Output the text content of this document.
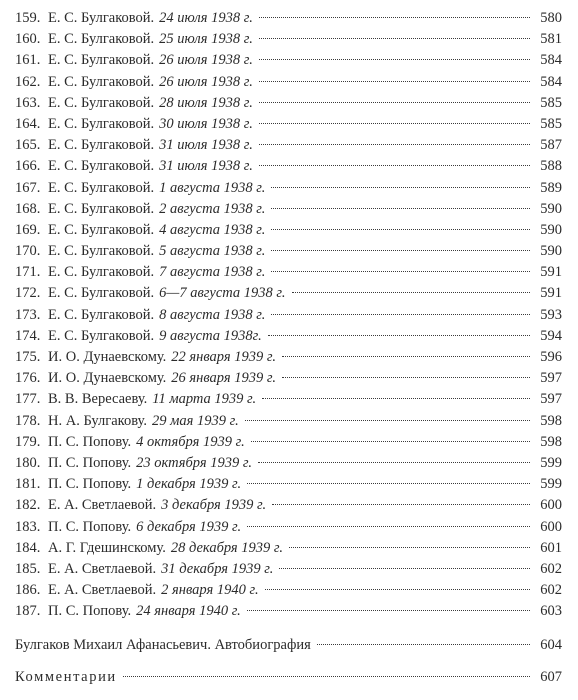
159. Е. С. Булгаковой. 24 июля 1938 г.	580
160. Е. С. Булгаковой. 25 июля 1938 г.	581
161. Е. С. Булгаковой. 26 июля 1938 г.	584
162. Е. С. Булгаковой. 26 июля 1938 г.	584
163. Е. С. Булгаковой. 28 июля 1938 г.	585
164. Е. С. Булгаковой. 30 июля 1938 г.	585
165. Е. С. Булгаковой. 31 июля 1938 г.	587
166. Е. С. Булгаковой. 31 июля 1938 г.	588
167. Е. С. Булгаковой. 1 августа 1938 г.	589
168. Е. С. Булгаковой. 2 августа 1938 г.	590
169. Е. С. Булгаковой. 4 августа 1938 г.	590
170. Е. С. Булгаковой. 5 августа 1938 г.	590
171. Е. С. Булгаковой. 7 августа 1938 г.	591
172. Е. С. Булгаковой. 6—7 августа 1938 г.	591
173. Е. С. Булгаковой. 8 августа 1938 г.	593
174. Е. С. Булгаковой. 9 августа 1938г.	594
175. И. О. Дунаевскому. 22 января 1939 г.	596
176. И. О. Дунаевскому. 26 января 1939 г.	597
177. В. В. Вересаеву. 11 марта 1939 г.	597
178. Н. А. Булгакову. 29 мая 1939 г.	598
179. П. С. Попову. 4 октября 1939 г.	598
180. П. С. Попову. 23 октября 1939 г.	599
181. П. С. Попову. 1 декабря 1939 г.	599
182. Е. А. Светлаевой. 3 декабря 1939 г.	600
183. П. С. Попову. 6 декабря 1939 г.	600
184. А. Г. Гдешинскому. 28 декабря 1939 г.	601
185. Е. А. Светлаевой. 31 декабря 1939 г.	602
186. Е. А. Светлаевой. 2 января 1940 г.	602
187. П. С. Попову. 24 января 1940 г.	603
Булгаков Михаил Афанасьевич. Автобиография	604
Комментарии	607
